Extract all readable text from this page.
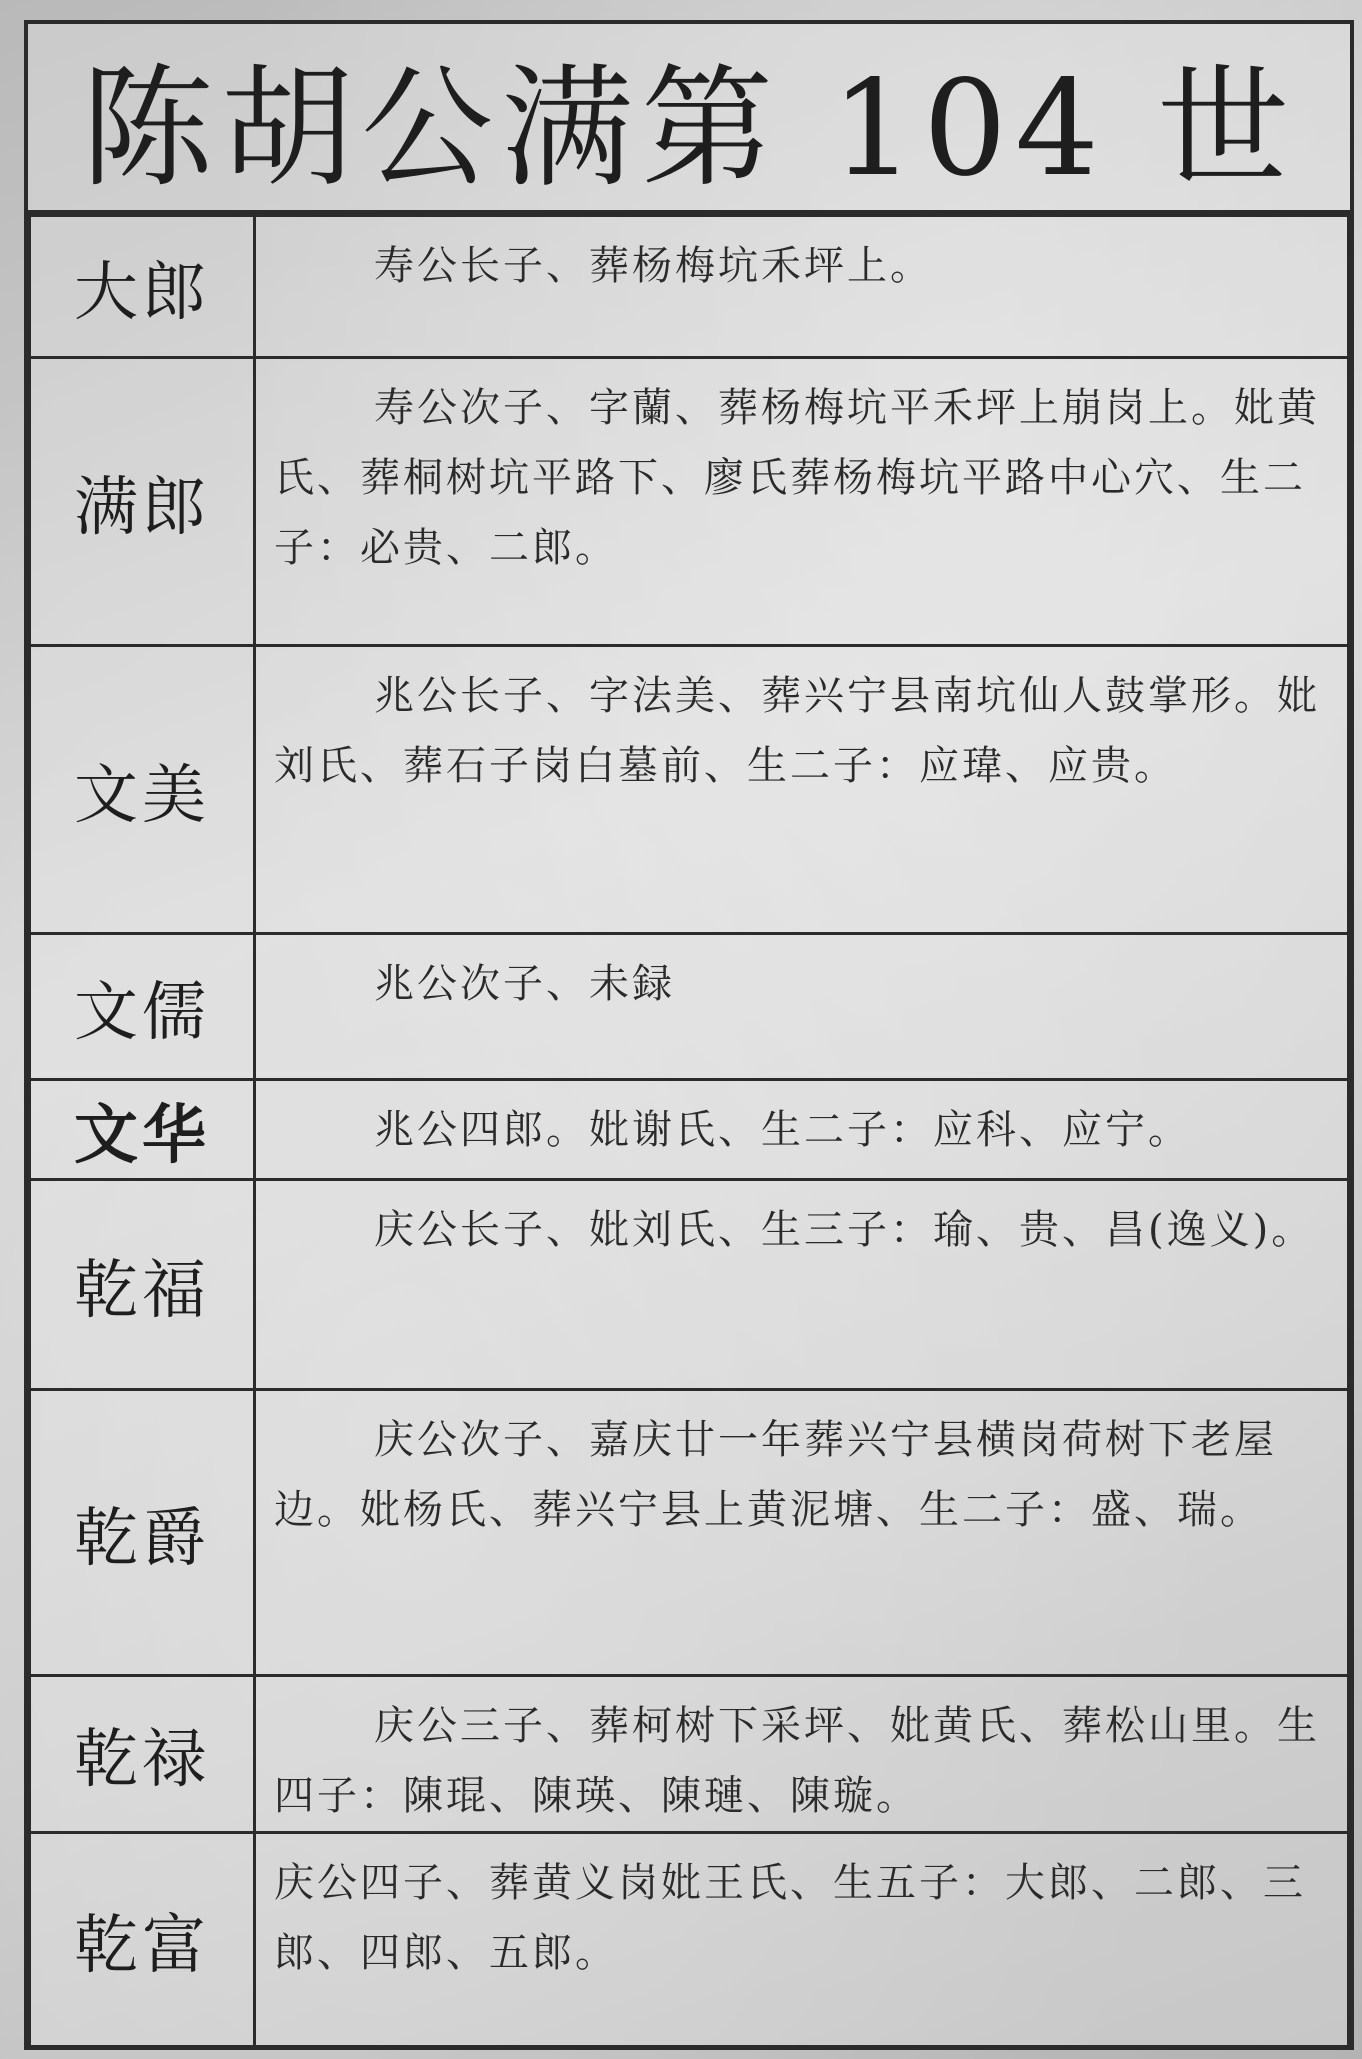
陈胡公满第 104 世
大郎	寿公长子、葬杨梅坑禾坪上。

满郎	寿公次子、字蘭、葬杨梅坑平禾坪上崩岗上。妣黄氏、葬桐树坑平路下、廖氏葬杨梅坑平路中心穴、生二子：必贵、二郎。

文美	兆公长子、字法美、葬兴宁县南坑仙人鼓掌形。妣刘氏、葬石子岗白墓前、生二子：应瑋、应贵。

文儒	兆公次子、未録

文华	兆公四郎。妣谢氏、生二子：应科、应宁。

乾福	庆公长子、妣刘氏、生三子：瑜、贵、昌(逸义)。

乾爵	庆公次子、嘉庆廿一年葬兴宁县横岗荷树下老屋边。妣杨氏、葬兴宁县上黄泥塘、生二子：盛、瑞。

乾禄	庆公三子、葬柯树下采坪、妣黄氏、葬松山里。生四子：陳琨、陳瑛、陳璉、陳璇。

乾富	庆公四子、葬黄义岗妣王氏、生五子：大郎、二郎、三郎、四郎、五郎。
